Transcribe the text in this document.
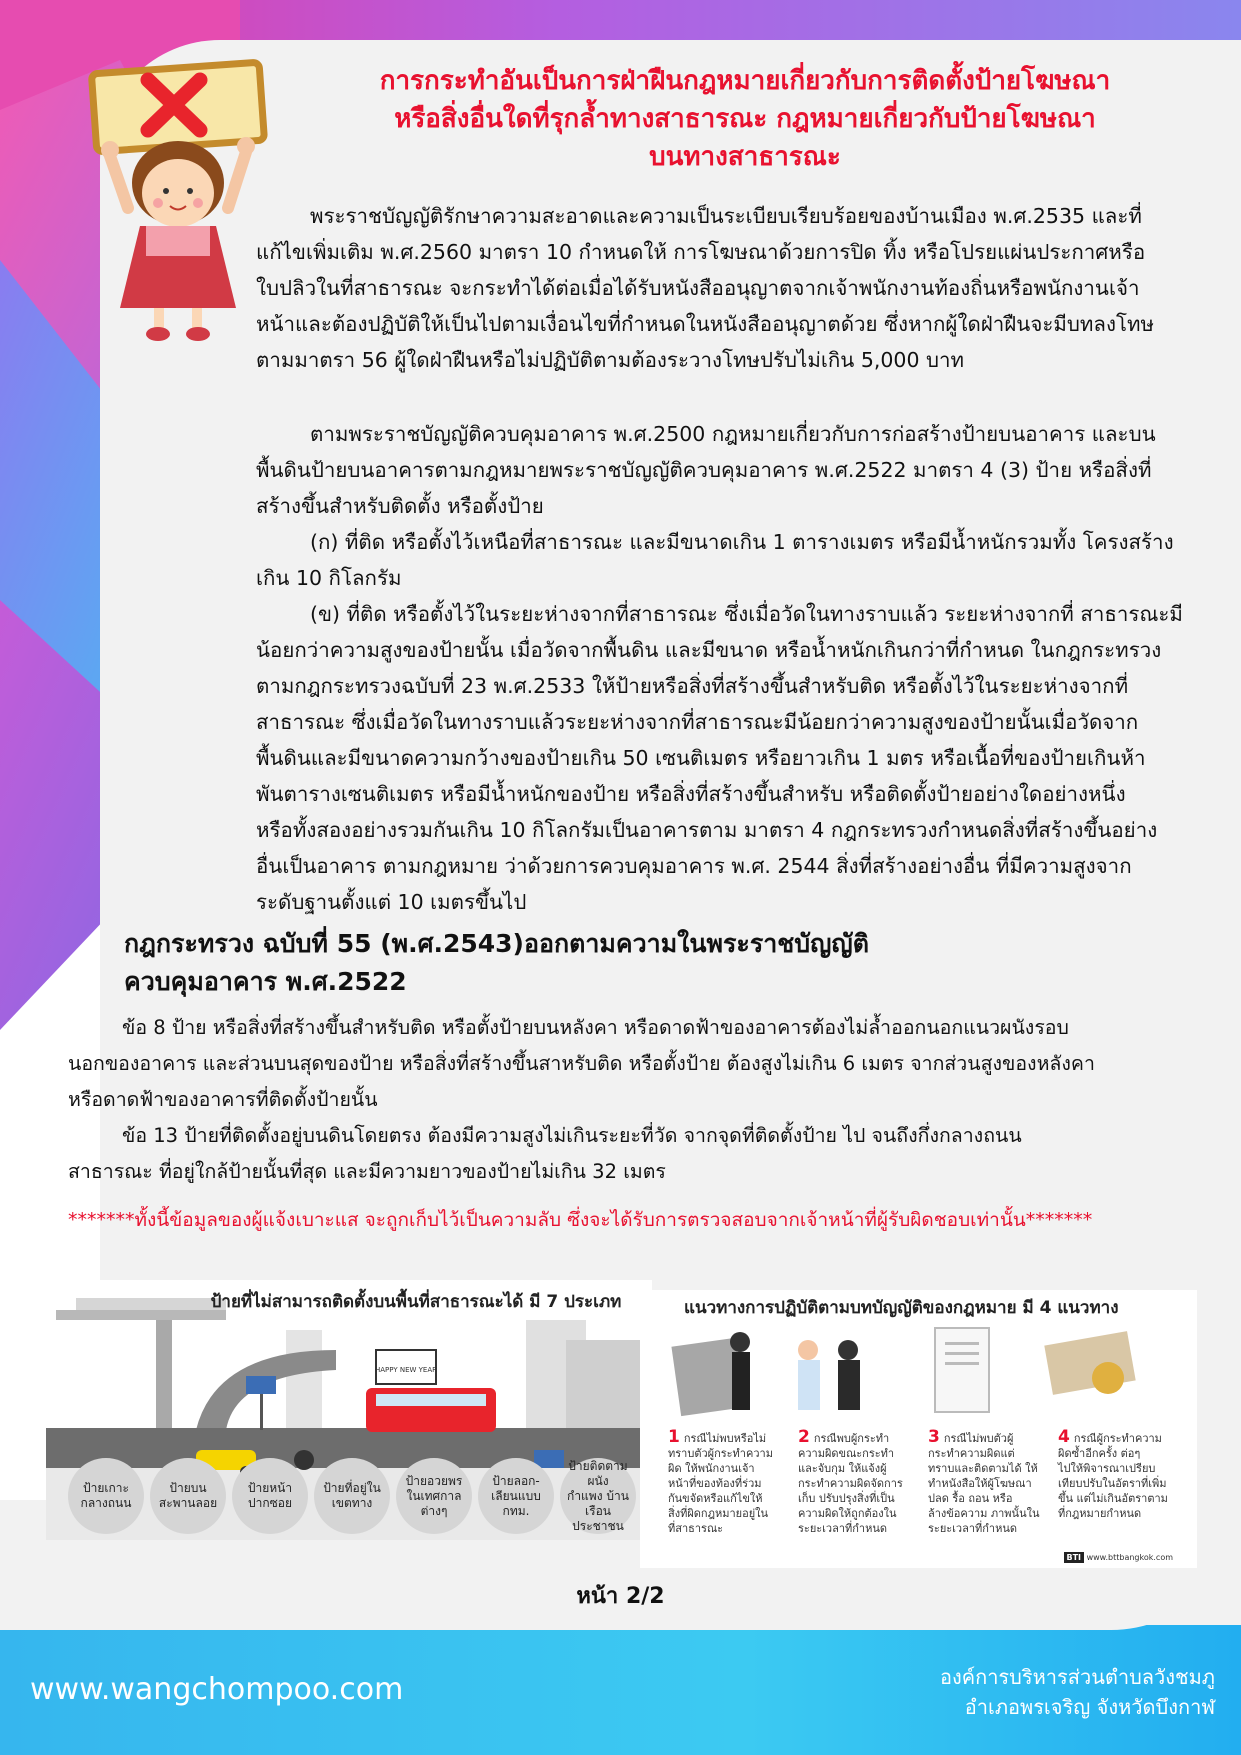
การกระทำอันเป็นการฝ่าฝืนกฎหมายเกี่ยวกับการติดตั้งป้ายโฆษณา
หรือสิ่งอื่นใดที่รุกล้ำทางสาธารณะ กฎหมายเกี่ยวกับป้ายโฆษณา
บนทางสาธารณะ
พระราชบัญญัติรักษาความสะอาดและความเป็นระเบียบเรียบร้อยของบ้านเมือง พ.ศ.2535 และที่
แก้ไขเพิ่มเติม พ.ศ.2560 มาตรา 10 กำหนดให้ การโฆษณาด้วยการปิด ทิ้ง หรือโปรยแผ่นประกาศหรือ
ใบปลิวในที่สาธารณะ จะกระทำได้ต่อเมื่อได้รับหนังสืออนุญาตจากเจ้าพนักงานท้องถิ่นหรือพนักงานเจ้า
หน้าและต้องปฏิบัติให้เป็นไปตามเงื่อนไขที่กำหนดในหนังสืออนุญาตด้วย ซึ่งหากผู้ใดฝ่าฝืนจะมีบทลงโทษ
ตามมาตรา 56 ผู้ใดฝ่าฝืนหรือไม่ปฏิบัติตามต้องระวางโทษปรับไม่เกิน 5,000 บาท
ตามพระราชบัญญัติควบคุมอาคาร พ.ศ.2500 กฎหมายเกี่ยวกับการก่อสร้างป้ายบนอาคาร และบน
พื้นดินป้ายบนอาคารตามกฎหมายพระราชบัญญัติควบคุมอาคาร พ.ศ.2522 มาตรา 4 (3) ป้าย หรือสิ่งที่
สร้างขึ้นสำหรับติดตั้ง หรือตั้งป้าย
(ก) ที่ติด หรือตั้งไว้เหนือที่สาธารณะ และมีขนาดเกิน 1 ตารางเมตร หรือมีน้ำหนักรวมทั้ง โครงสร้าง
เกิน 10 กิโลกรัม
(ข) ที่ติด หรือตั้งไว้ในระยะห่างจากที่สาธารณะ ซึ่งเมื่อวัดในทางราบแล้ว ระยะห่างจากที่ สาธารณะมี
น้อยกว่าความสูงของป้ายนั้น เมื่อวัดจากพื้นดิน และมีขนาด หรือน้ำหนักเกินกว่าที่กำหนด ในกฎกระทรวง
ตามกฎกระทรวงฉบับที่ 23 พ.ศ.2533 ให้ป้ายหรือสิ่งที่สร้างขึ้นสำหรับติด หรือตั้งไว้ในระยะห่างจากที่
สาธารณะ ซึ่งเมื่อวัดในทางราบแล้วระยะห่างจากที่สาธารณะมีน้อยกว่าความสูงของป้ายนั้นเมื่อวัดจาก
พื้นดินและมีขนาดความกว้างของป้ายเกิน 50 เซนติเมตร หรือยาวเกิน 1 มตร หรือเนื้อที่ของป้ายเกินห้า
พันตารางเซนติเมตร หรือมีน้ำหนักของป้าย หรือสิ่งที่สร้างขึ้นสำหรับ หรือติดตั้งป้ายอย่างใดอย่างหนึ่ง
หรือทั้งสองอย่างรวมกันเกิน 10 กิโลกรัมเป็นอาคารตาม มาตรา 4 กฎกระทรวงกำหนดสิ่งที่สร้างขึ้นอย่าง
อื่นเป็นอาคาร ตามกฎหมาย ว่าด้วยการควบคุมอาคาร พ.ศ. 2544 สิ่งที่สร้างอย่างอื่น ที่มีความสูงจาก
ระดับฐานตั้งแต่ 10 เมตรขึ้นไป
กฎกระทรวง ฉบับที่ 55 (พ.ศ.2543)ออกตามความในพระราชบัญญัติ
ควบคุมอาคาร พ.ศ.2522
ข้อ 8 ป้าย หรือสิ่งที่สร้างขึ้นสำหรับติด หรือตั้งป้ายบนหลังคา หรือดาดฟ้าของอาคารต้องไม่ล้ำออกนอกแนวผนังรอบ
นอกของอาคาร และส่วนบนสุดของป้าย หรือสิ่งที่สร้างขึ้นสาหรับติด หรือตั้งป้าย ต้องสูงไม่เกิน 6 เมตร จากส่วนสูงของหลังคา
หรือดาดฟ้าของอาคารที่ติดตั้งป้ายนั้น
ข้อ 13 ป้ายที่ติดตั้งอยู่บนดินโดยตรง ต้องมีความสูงไม่เกินระยะที่วัด จากจุดที่ติดตั้งป้าย ไป จนถึงกึ่งกลางถนน
สาธารณะ ที่อยู่ใกล้ป้ายนั้นที่สุด และมีความยาวของป้ายไม่เกิน 32 เมตร
*******ทั้งนี้ข้อมูลของผู้แจ้งเบาะแส จะถูกเก็บไว้เป็นความลับ ซึ่งจะได้รับการตรวจสอบจากเจ้าหน้าที่ผู้รับผิดชอบเท่านั้น*******
HAPPY NEW YEAR
ป้ายที่ไม่สามารถติดตั้งบนพื้นที่สาธารณะได้ มี 7 ประเภท
ป้ายเกาะ
กลางถนน
ป้ายบน
สะพานลอย
ป้ายหน้า
ปากซอย
ป้ายที่อยู่ใน
เขตทาง
ป้ายอวยพร
ในเทศกาล
ต่างๆ
ป้ายลอก-
เลียนแบบ
กทม.
ป้ายติดตามผนัง
กำแพง บ้านเรือน
ประชาชน
แนวทางการปฏิบัติตามบทบัญญัติของกฎหมาย มี 4 แนวทาง
1 กรณีไม่พบหรือไม่
ทราบตัวผู้กระทำความ
ผิด ให้พนักงานเจ้า
หน้าที่ของท้องที่ร่วม
กันขจัดหรือแก้ไขให้
สิ่งที่ผิดกฎหมายอยู่ใน
ที่สาธารณะ
2 กรณีพบผู้กระทำ
ความผิดขณะกระทำ
และจับกุม ให้แจ้งผู้
กระทำความผิดจัดการ
เก็บ ปรับปรุงสิ่งที่เป็น
ความผิดให้ถูกต้องใน
ระยะเวลาที่กำหนด
3 กรณีไม่พบตัวผู้
กระทำความผิดแต่
ทราบและติดตามได้ ให้
ทำหนังสือให้ผู้โฆษณา
ปลด รื้อ ถอน หรือ
ล้างข้อความ ภาพนั้นใน
ระยะเวลาที่กำหนด
4 กรณีผู้กระทำความ
ผิดซ้ำอีกครั้ง ต่อๆ
ไปให้พิจารณาเปรียบ
เทียบปรับในอัตราที่เพิ่ม
ขึ้น แต่ไม่เกินอัตราตาม
ที่กฎหมายกำหนด
BTI www.bttbangkok.com
หน้า 2/2
www.wangchompoo.com	องค์การบริหารส่วนตำบลวังชมภู
อำเภอพรเจริญ จังหวัดบึงกาฬ
